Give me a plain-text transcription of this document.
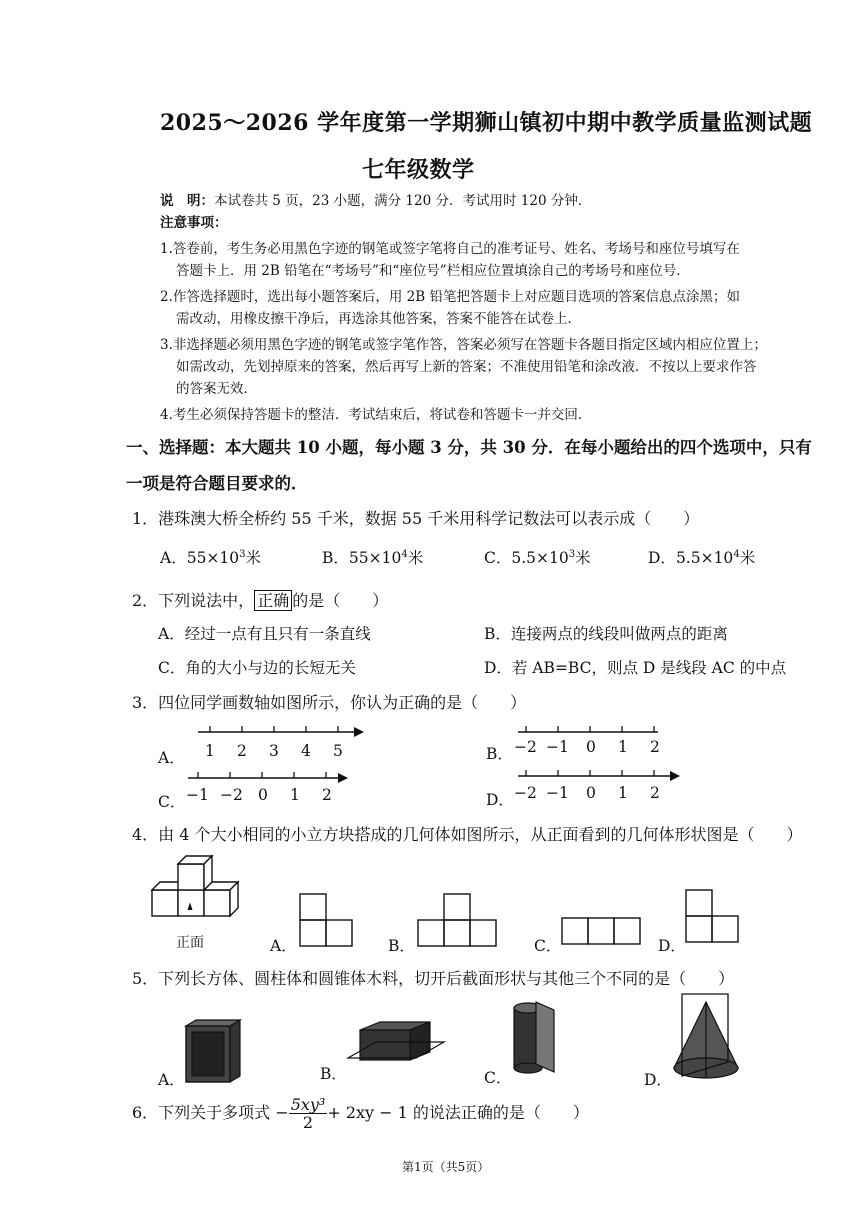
2025～2026 学年度第一学期狮山镇初中期中教学质量监测试题
七年级数学
说　明：本试卷共 5 页，23 小题，满分 120 分．考试用时 120 分钟．
注意事项：
1.答卷前，考生务必用黑色字迹的钢笔或签字笔将自己的准考证号、姓名、考场号和座位号填写在
答题卡上．用 2B 铅笔在“考场号”和“座位号”栏相应位置填涂自己的考场号和座位号．
2.作答选择题时，选出每小题答案后，用 2B 铅笔把答题卡上对应题目选项的答案信息点涂黑；如
需改动，用橡皮擦干净后，再选涂其他答案，答案不能答在试卷上．
3.非选择题必须用黑色字迹的钢笔或签字笔作答，答案必须写在答题卡各题目指定区域内相应位置上；
如需改动，先划掉原来的答案，然后再写上新的答案；不准使用铅笔和涂改液．不按以上要求作答
的答案无效．
4.考生必须保持答题卡的整洁．考试结束后，将试卷和答题卡一并交回．
一、选择题：本大题共 10 小题，每小题 3 分，共 30 分．在每小题给出的四个选项中，只有
一项是符合题目要求的．
1．港珠澳大桥全桥约 55 千米，数据 55 千米用科学记数法可以表示成（　　）
A．$55\times 10^3$米	B．$55\times 10^4$米	C．$5.5\times 10^3$米	D．$5.5\times 10^4$米
2．下列说法中， 正确 的是（　　）
A．经过一点有且只有一条直线	B．连接两点的线段叫做两点的距离
C．角的大小与边的长短无关	D．若 AB=BC，则点 D 是线段 AC 的中点
3．四位同学画数轴如图所示，你认为正确的是（　　）
A． 1 2 3 4 5	B． −2 −1 0 1 2
C． −1 −2 0 1 2	D． −2 −1 0 1 2
4．由 4 个大小相同的小立方块搭成的几何体如图所示，从正面看到的几何体形状图是（　　）
正面	A．	B．	C．	D．
5．下列长方体、圆柱体和圆锥体木料，切开后截面形状与其他三个不同的是（　　）
A．	B．	C．	D．
6．下列关于多项式 − $\frac{\text{5xy³}}{2} + 2xy - 1$ 的说法正确的是（　　）
第1页（共5页）
